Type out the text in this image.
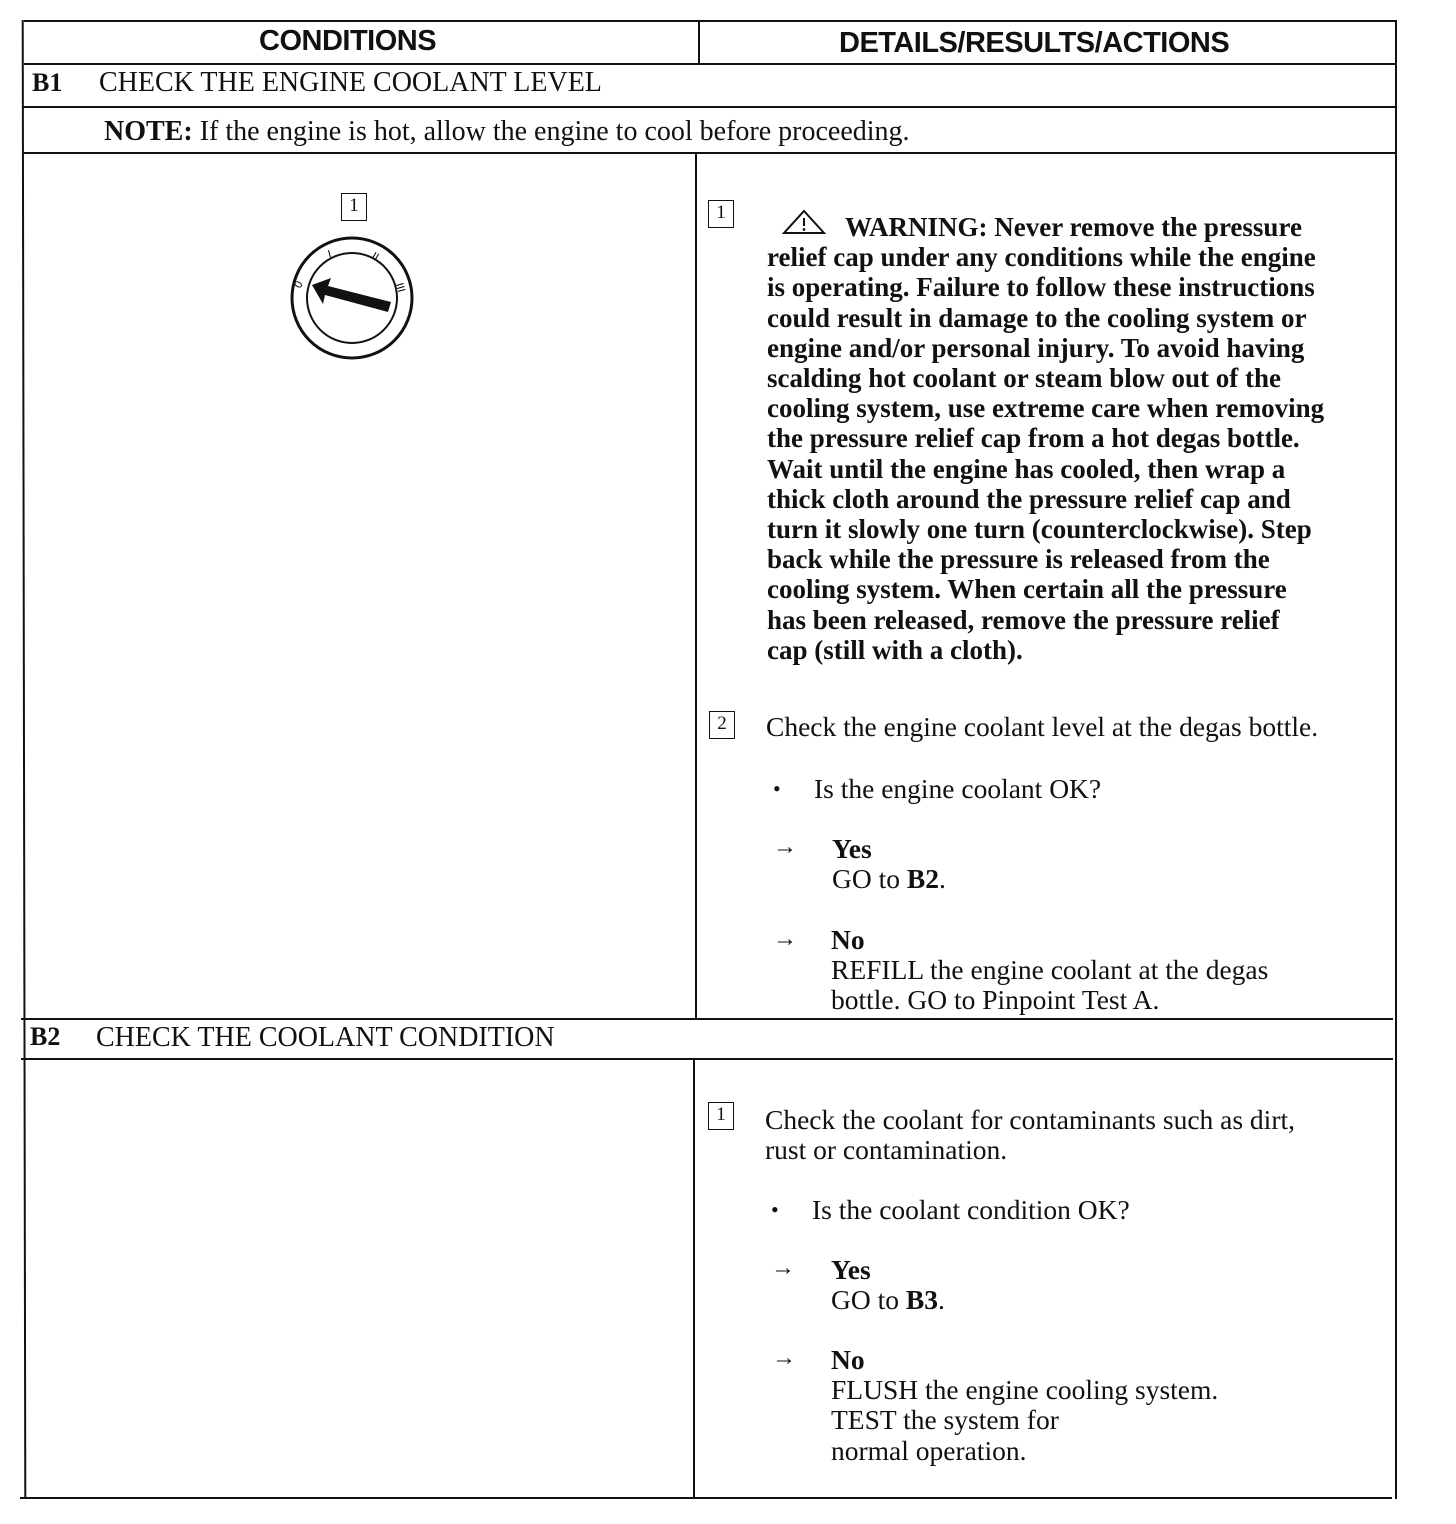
CONDITIONS	DETAILS/RESULTS/ACTIONS
B1 CHECK THE ENGINE COOLANT LEVEL
NOTE: If the engine is hot, allow the engine to cool before proceeding.
1
0
I	II
III
1	WARNING: Never remove the pressure
relief cap under any conditions while the engine
is operating. Failure to follow these instructions
could result in damage to the cooling system or
engine and/or personal injury. To avoid having
scalding hot coolant or steam blow out of the
cooling system, use extreme care when removing
the pressure relief cap from a hot degas bottle.
Wait until the engine has cooled, then wrap a
thick cloth around the pressure relief cap and
turn it slowly one turn (counterclockwise). Step
back while the pressure is released from the
cooling system. When certain all the pressure
has been released, remove the pressure relief
cap (still with a cloth).
2	Check the engine coolant level at the degas bottle.
• Is the engine coolant OK?
→ Yes
GO to B2.
→ No
REFILL the engine coolant at the degas
bottle. GO to Pinpoint Test A.
B2 CHECK THE COOLANT CONDITION
1	Check the coolant for contaminants such as dirt,
rust or contamination.
• Is the coolant condition OK?
→ Yes
GO to B3.
→ No
FLUSH the engine cooling system.
TEST the system for
normal operation.
